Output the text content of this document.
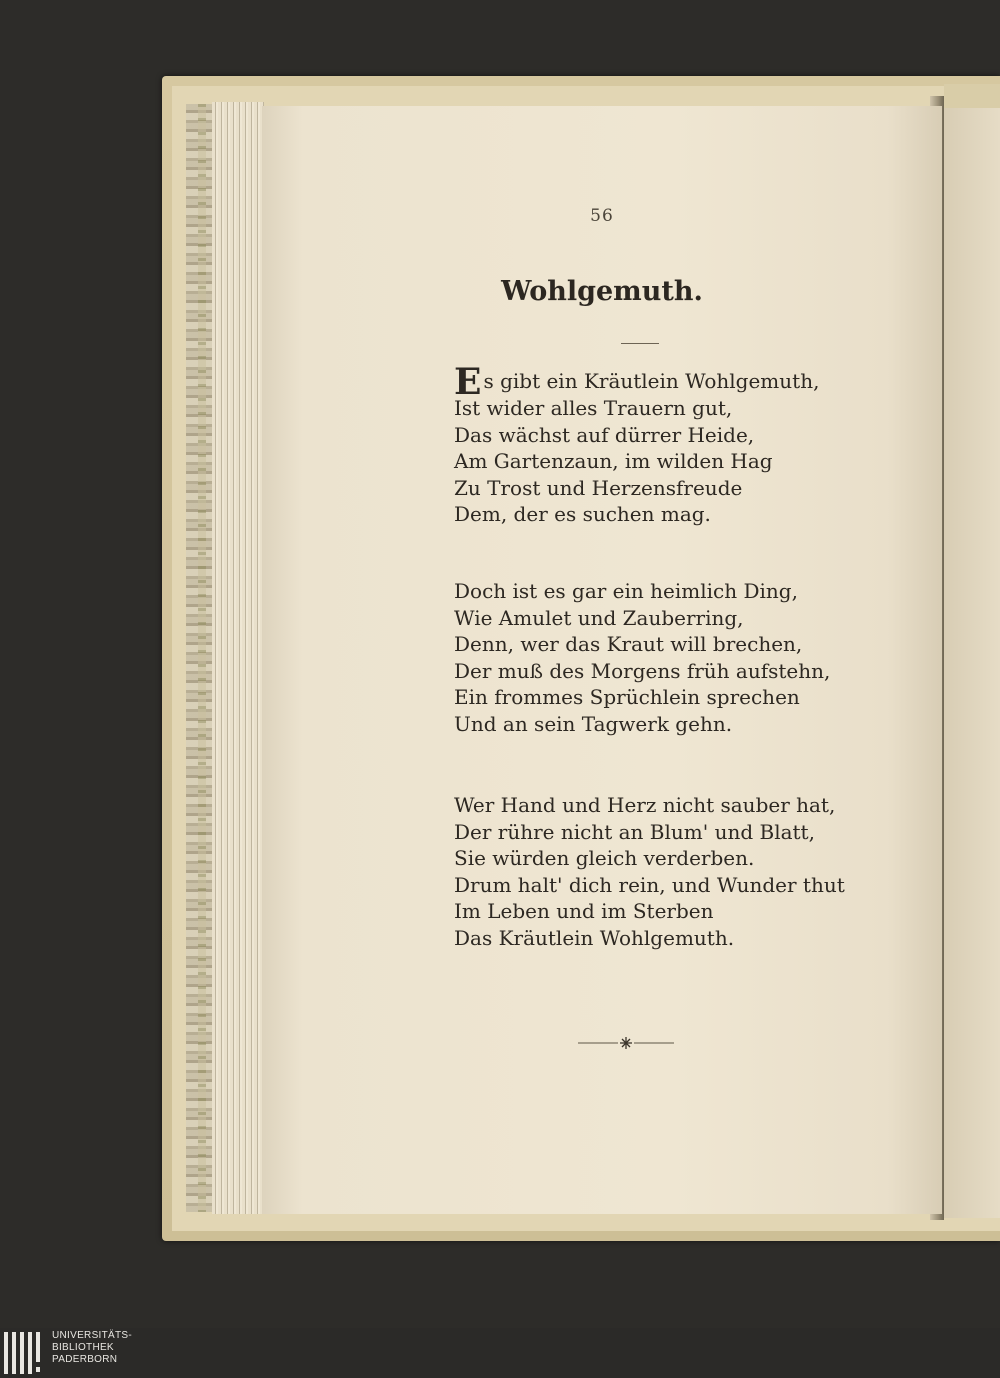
56
Wohlgemuth.
Es gibt ein Kräutlein Wohlgemuth,
Ist wider alles Trauern gut,
Das wächst auf dürrer Heide,
Am Gartenzaun, im wilden Hag
Zu Trost und Herzensfreude
Dem, der es suchen mag.
Doch ist es gar ein heimlich Ding,
Wie Amulet und Zauberring,
Denn, wer das Kraut will brechen,
Der muß des Morgens früh aufstehn,
Ein frommes Sprüchlein sprechen
Und an sein Tagwerk gehn.
Wer Hand und Herz nicht sauber hat,
Der rühre nicht an Blum' und Blatt,
Sie würden gleich verderben.
Drum halt' dich rein, und Wunder thut
Im Leben und im Sterben
Das Kräutlein Wohlgemuth.
UNIVERSITÄTS-
BIBLIOTHEK
PADERBORN
